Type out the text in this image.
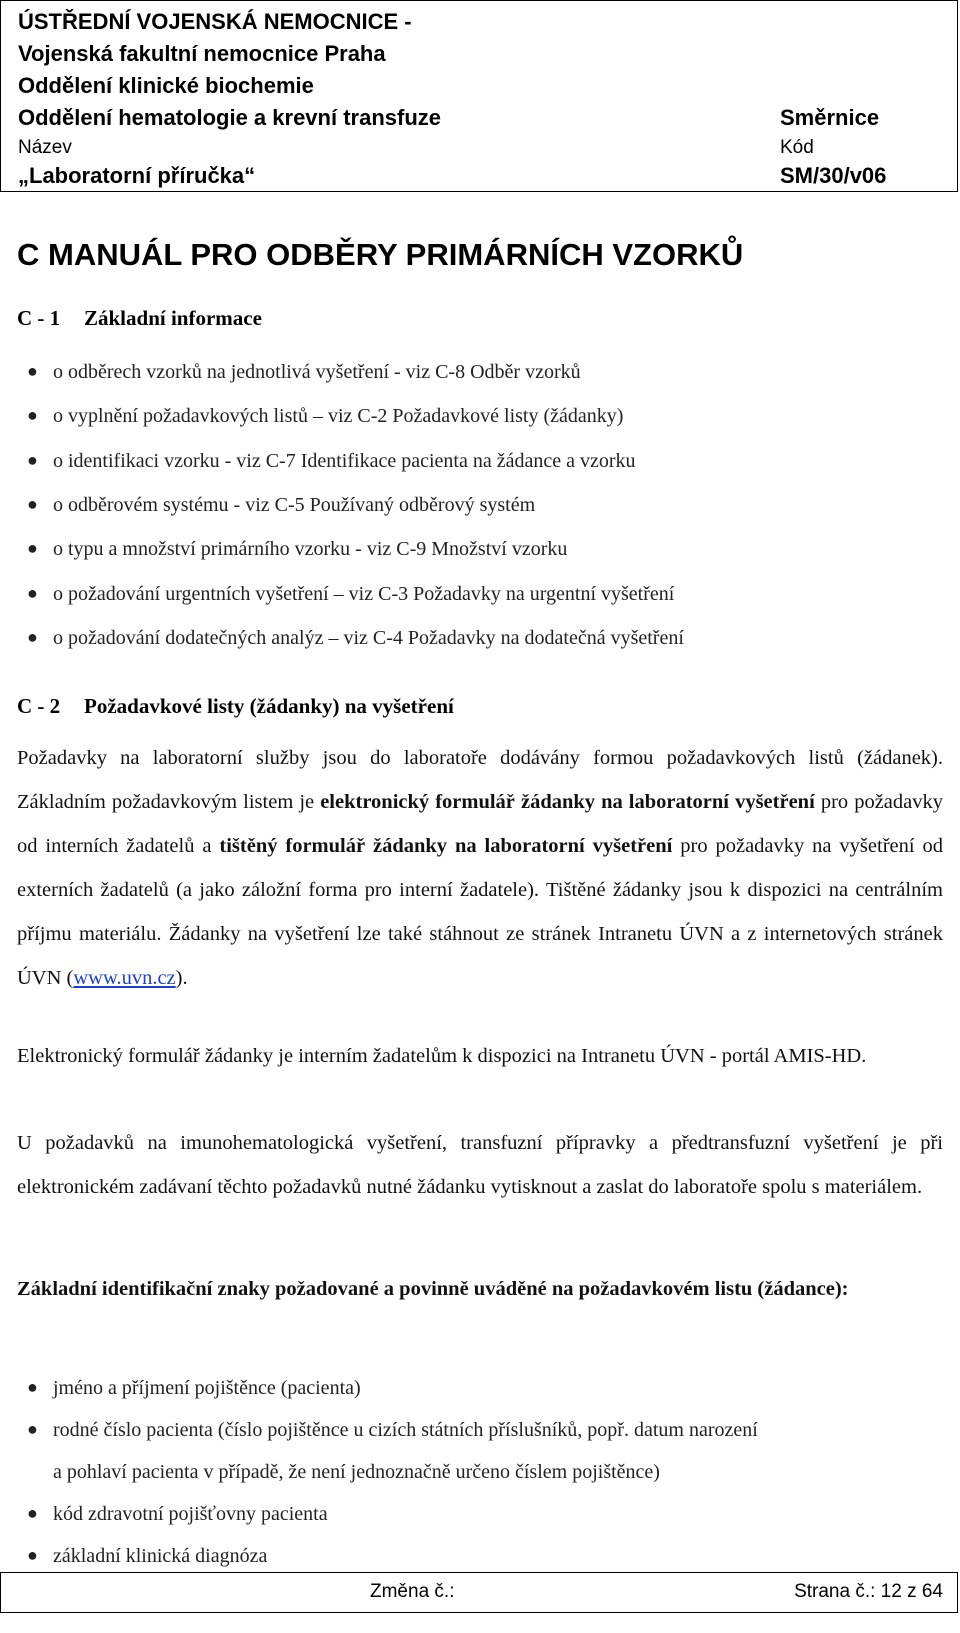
ÚSTŘEDNÍ VOJENSKÁ NEMOCNICE -
Vojenská fakultní nemocnice Praha
Oddělení klinické biochemie
Oddělení hematologie a krevní transfuze	Směrnice
Název	Kód
„Laboratorní příručka“	SM/30/v06
C MANUÁL PRO ODBĚRY PRIMÁRNÍCH VZORKŮ
C - 1 Základní informace
● o odběrech vzorků na jednotlivá vyšetření - viz C-8 Odběr vzorků
● o vyplnění požadavkových listů – viz C-2 Požadavkové listy (žádanky)
● o identifikaci vzorku - viz C-7 Identifikace pacienta na žádance a vzorku
● o odběrovém systému - viz C-5 Používaný odběrový systém
● o typu a množství primárního vzorku - viz C-9 Množství vzorku
● o požadování urgentních vyšetření – viz C-3 Požadavky na urgentní vyšetření
● o požadování dodatečných analýz – viz C-4 Požadavky na dodatečná vyšetření
C - 2 Požadavkové listy (žádanky) na vyšetření

Požadavky na laboratorní služby jsou do laboratoře dodávány formou požadavkových listů (žádanek). Základním požadavkovým listem je elektronický formulář žádanky na laboratorní vyšetření pro požadavky od interních žadatelů a tištěný formulář žádanky na laboratorní vyšetření pro požadavky na vyšetření od externích žadatelů (a jako záložní forma pro interní žadatele). Tištěné žádanky jsou k dispozici na centrálním příjmu materiálu. Žádanky na vyšetření lze také stáhnout ze stránek Intranetu ÚVN a z internetových stránek ÚVN (www.uvn.cz).

Elektronický formulář žádanky je interním žadatelům k dispozici na Intranetu ÚVN - portál AMIS-HD.

U požadavků na imunohematologická vyšetření, transfuzní přípravky a předtransfuzní vyšetření je při elektronickém zadávaní těchto požadavků nutné žádanku vytisknout a zaslat do laboratoře spolu s materiálem.

Základní identifikační znaky požadované a povinně uváděné na požadavkovém listu (žádance):

● jméno a příjmení pojištěnce (pacienta)
● rodné číslo pacienta (číslo pojištěnce u cizích státních příslušníků, popř. datum narození
a pohlaví pacienta v případě, že není jednoznačně určeno číslem pojištěnce)
● kód zdravotní pojišťovny pacienta
Změna č.:	Strana č.: 12 z 64
● základní klinická diagnóza
